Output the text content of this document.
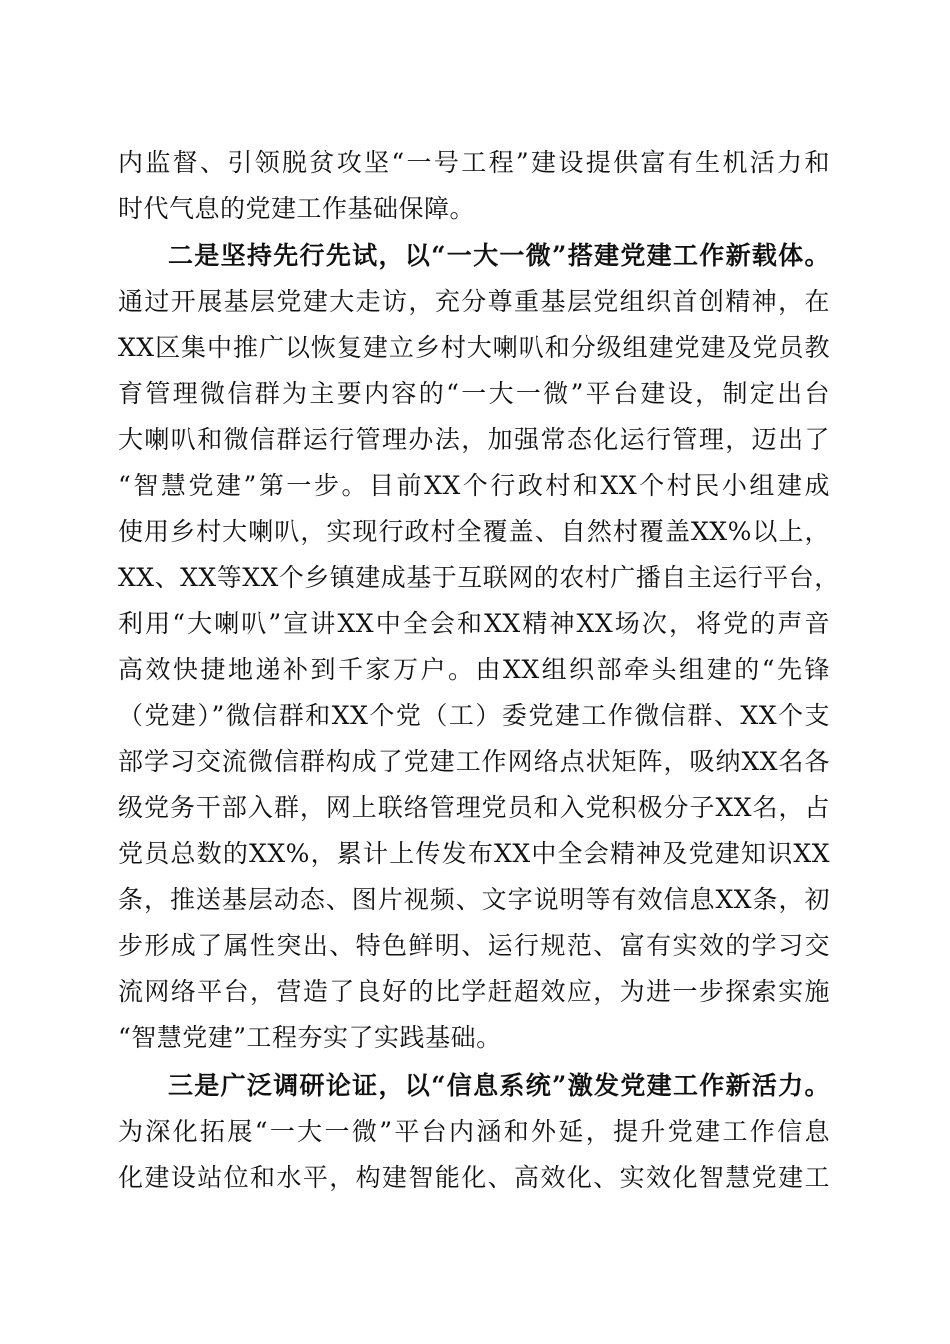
内监督、引领脱贫攻坚“一号工程”建设提供富有生机活力和
时代气息的党建工作基础保障。
二是坚持先行先试，以“一大一微”搭建党建工作新载体。
通过开展基层党建大走访，充分尊重基层党组织首创精神，在
XX区集中推广以恢复建立乡村大喇叭和分级组建党建及党员教
育管理微信群为主要内容的“一大一微”平台建设，制定出台
大喇叭和微信群运行管理办法，加强常态化运行管理，迈出了
“智慧党建”第一步。目前XX个行政村和XX个村民小组建成
使用乡村大喇叭，实现行政村全覆盖、自然村覆盖XX%以上，
XX、XX等XX个乡镇建成基于互联网的农村广播自主运行平台，
利用“大喇叭”宣讲XX中全会和XX精神XX场次，将党的声音
高效快捷地递补到千家万户。由XX组织部牵头组建的“先锋
（党建）”微信群和XX个党（工）委党建工作微信群、XX个支
部学习交流微信群构成了党建工作网络点状矩阵，吸纳XX名各
级党务干部入群，网上联络管理党员和入党积极分子XX名，占
党员总数的XX%，累计上传发布XX中全会精神及党建知识XX
条，推送基层动态、图片视频、文字说明等有效信息XX条，初
步形成了属性突出、特色鲜明、运行规范、富有实效的学习交
流网络平台，营造了良好的比学赶超效应，为进一步探索实施
“智慧党建”工程夯实了实践基础。
三是广泛调研论证，以“信息系统”激发党建工作新活力。
为深化拓展“一大一微”平台内涵和外延，提升党建工作信息
化建设站位和水平，构建智能化、高效化、实效化智慧党建工
